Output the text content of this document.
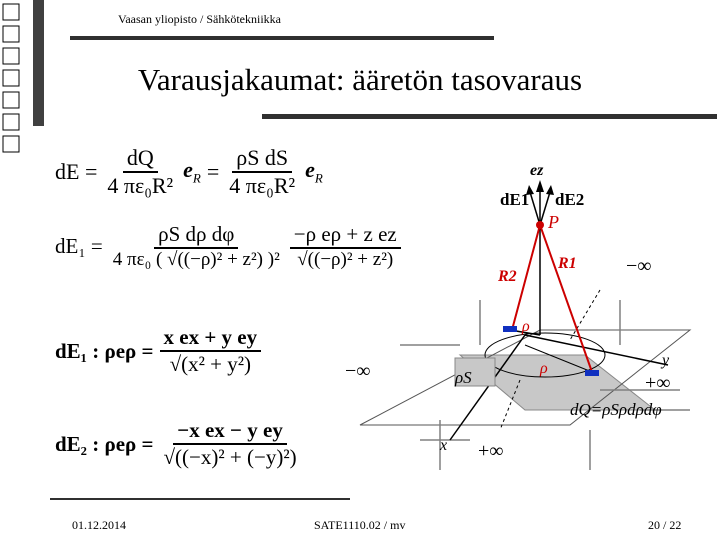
Vaasan yliopisto / Sähkötekniikka
Varausjakaumat: ääretön tasovaraus
ez
dE1 dE2
P
R1
R2	−∞
ρ
ρ
−∞	ρS
y
+∞
dQ=ρSρdρdφ
x +∞
dE = $\frac{dQ}{\text{4 πε₀R²}} e_R = \frac{\text{ρS dS}}{\text{4 πε₀R²}} e_R$
$dE_1 = \frac{\text{ρS dρ dφ}}{\text{4 πε₀ ( √((−ρ)² + z²) )²}} \frac{\text{−ρ eρ + z ez}}{\text{√((−ρ)² + z²)}}$
dE₁ : $\rho e\rho = \frac{\text{x ex + y ey}}{\text{√(x² + y²)}}$
dE₂ : $\rho e\rho = \frac{\text{−x ex − y ey}}{\text{√((−x)² + (−y)²)}}$
01.12.2014	SATE1110.02 / mv	20 / 22
